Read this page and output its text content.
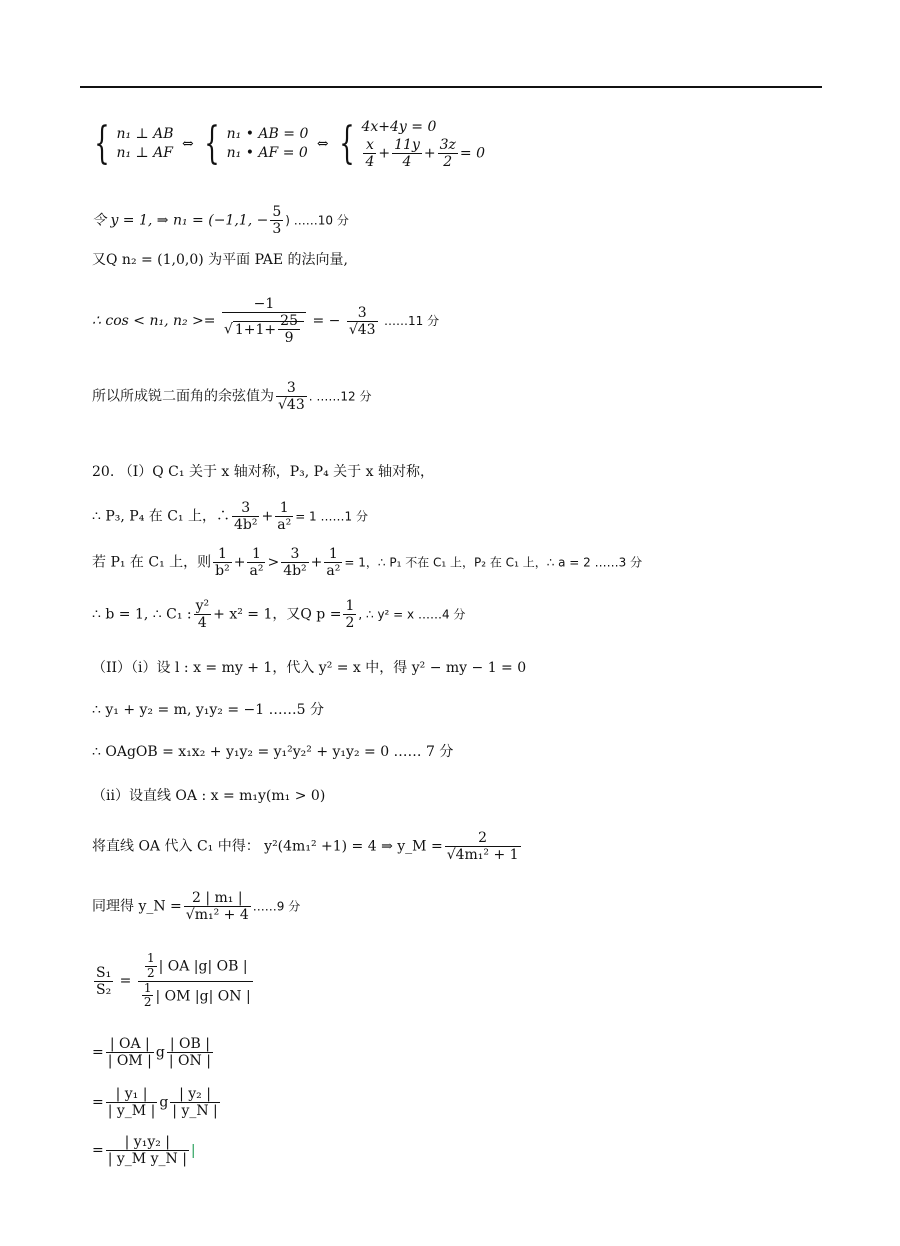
{ n₁ ⊥ AB
n₁ ⊥ AF
⇔ { n₁ • AB = 0
n₁ • AF = 0
⇔ { 4x+4y = 0
$\frac{x}{4} + \frac{11y}{4} + \frac{3z}{2} = 0$
令 y = 1, ⇒ n₁ = (−1,1, − $\frac{5}{3}$ ) ……10 分
又Q n₂ = (1,0,0) 为平面 PAE 的法向量,
∴ cos < n₁, $n_2 >= \frac{-1}{√ 1+1+ \frac{25}{9}}$ = − $\frac{3}{√43}$ ……11 分
所以所成锐二面角的余弦值为 $\frac{3}{√43}$ . ……12 分
20. （I）Q C₁ 关于 x 轴对称，P₃, P₄ 关于 x 轴对称，
∴ P₃, P₄ 在 C₁ 上，∴ $\frac{3}{\text{4b²}} + \frac{1}{\text{a²}} = 1$ ……1 分
若 P₁ 在 C₁ 上，则 $\frac{1}{\text{b²}} + \frac{1}{\text{a²}} > \frac{3}{\text{4b²}} + \frac{1}{\text{a²}} = 1$，∴ P₁ 不在 C₁ 上，P₂ 在 C₁ 上，∴ a = 2 ……3 分
∴ b = 1, ∴ C₁ : $\frac{\text{y²}}{4} + x^2 = 1$，又Q $p = \frac{1}{2}$ , ∴ y² = x ……4 分
（II）（i）设 l : x = my + 1，代入 y² = x 中，得 y² − my − 1 = 0
∴ y₁ + y₂ = m, y₁y₂ = −1 ……5 分
∴ OAgOB = x₁x₂ + y₁y₂ = y₁²y₂² + y₁y₂ = 0 …… 7 分
（ii）设直线 OA : x = m₁y(m₁ > 0)
将直线 OA 代入 C₁ 中得： y²(4m₁² +1) = 4 ⇒ y_M = $\frac{2}{\text{√4m₁² + 1}}$
同理得 y_N = $\frac{\text{2 | m₁ |}}{\text{√m₁² + 4}}$ ……9 分
$\frac{\text{S₁}}{\text{S₂}} = \frac{\frac{1}{2} | OA |g| OB |}{\frac{1}{2} | OM |g| ON |}$
= $\frac{| OA |}{| OM |}$ g $\frac{| OB |}{| ON |}$
= $\frac{\text{| y₁ |}}{| y\_M |}$ g $\frac{\text{| y₂ |}}{| y\_N |}$
= $\frac{\text{| y₁y₂ |}}{\text{| y\_M y\_N |}}$ |
